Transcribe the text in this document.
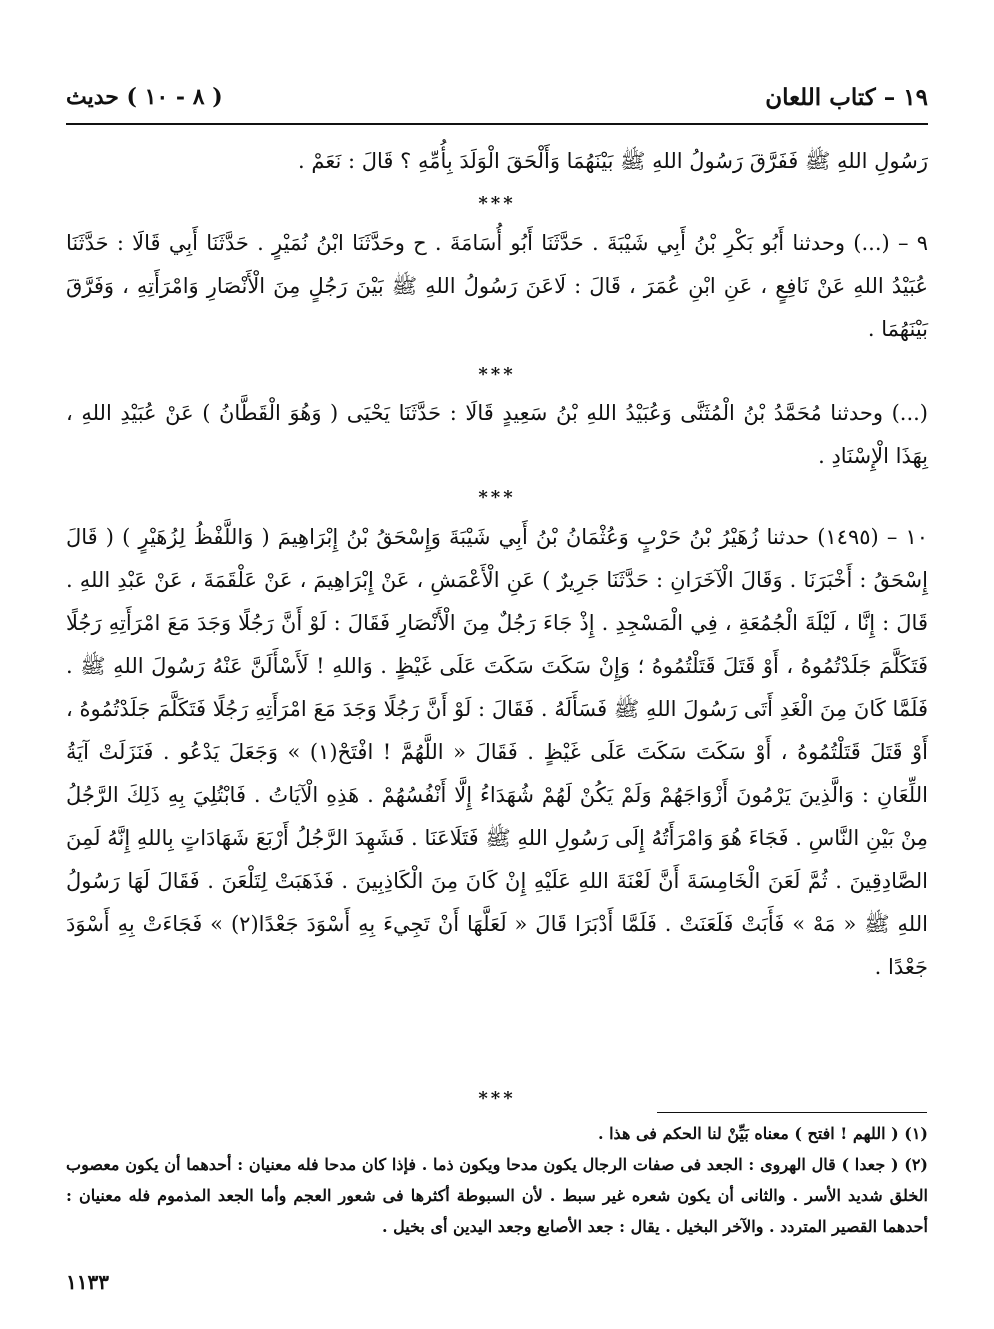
١٩ – كتاب اللعان
( ٨ - ١٠ ) حديث

رَسُولِ اللهِ ﷺ فَفَرَّقَ رَسُولُ اللهِ ﷺ بَيْنَهُمَا وَأَلْحَقَ الْوَلَدَ بِأُمِّهِ ؟ قَالَ : نَعَمْ .

***

٩ – (...) وحدثنا أَبُو بَكْرِ بْنُ أَبِي شَيْبَةَ . حَدَّثَنَا أَبُو أُسَامَةَ . ح وحَدَّثَنَا ابْنُ نُمَيْرٍ . حَدَّثَنَا أَبِي قَالَا : حَدَّثَنَا عُبَيْدُ اللهِ عَنْ نَافِعٍ ، عَنِ ابْنِ عُمَرَ ، قَالَ : لَاعَنَ رَسُولُ اللهِ ﷺ بَيْنَ رَجُلٍ مِنَ الْأَنْصَارِ وَامْرَأَتِهِ ، وَفَرَّقَ بَيْنَهُمَا .

***

(...) وحدثنا مُحَمَّدُ بْنُ الْمُثَنَّى وَعُبَيْدُ اللهِ بْنُ سَعِيدٍ قَالَا : حَدَّثَنَا يَحْيَى ( وَهُوَ الْقَطَّانُ ) عَنْ عُبَيْدِ اللهِ ، بِهَذَا الْإِسْنَادِ .

***

١٠ – (١٤٩٥) حدثنا زُهَيْرُ بْنُ حَرْبٍ وَعُثْمَانُ بْنُ أَبِي شَيْبَةَ وَإِسْحَقُ بْنُ إِبْرَاهِيمَ ( وَاللَّفْظُ لِزُهَيْرٍ ) ( قَالَ إِسْحَقُ : أَخْبَرَنَا . وَقَالَ الْآخَرَانِ : حَدَّثَنَا جَرِيرٌ ) عَنِ الْأَعْمَشِ ، عَنْ إِبْرَاهِيمَ ، عَنْ عَلْقَمَةَ ، عَنْ عَبْدِ اللهِ . قَالَ : إِنَّا ، لَيْلَةَ الْجُمُعَةِ ، فِي الْمَسْجِدِ . إِذْ جَاءَ رَجُلٌ مِنَ الْأَنْصَارِ فَقَالَ : لَوْ أَنَّ رَجُلًا وَجَدَ مَعَ امْرَأَتِهِ رَجُلًا فَتَكَلَّمَ جَلَدْتُمُوهُ ، أَوْ قَتَلَ قَتَلْتُمُوهُ ؛ وَإِنْ سَكَتَ سَكَتَ عَلَى غَيْظٍ . وَاللهِ ! لَأَسْأَلَنَّ عَنْهُ رَسُولَ اللهِ ﷺ . فَلَمَّا كَانَ مِنَ الْغَدِ أَتَى رَسُولَ اللهِ ﷺ فَسَأَلَهُ . فَقَالَ : لَوْ أَنَّ رَجُلًا وَجَدَ مَعَ امْرَأَتِهِ رَجُلًا فَتَكَلَّمَ جَلَدْتُمُوهُ ، أَوْ قَتَلَ قَتَلْتُمُوهُ ، أَوْ سَكَتَ سَكَتَ عَلَى غَيْظٍ . فَقَالَ « اللَّهُمَّ ! افْتَحْ(١) » وَجَعَلَ يَدْعُو . فَنَزَلَتْ آيَةُ اللِّعَانِ : وَالَّذِينَ يَرْمُونَ أَزْوَاجَهُمْ وَلَمْ يَكُنْ لَهُمْ شُهَدَاءُ إِلَّا أَنْفُسُهُمْ . هَذِهِ الْآيَاتُ . فَابْتُلِيَ بِهِ ذَلِكَ الرَّجُلُ مِنْ بَيْنِ النَّاسِ . فَجَاءَ هُوَ وَامْرَأَتُهُ إِلَى رَسُولِ اللهِ ﷺ فَتَلَاعَنَا . فَشَهِدَ الرَّجُلُ أَرْبَعَ شَهَادَاتٍ بِاللهِ إِنَّهُ لَمِنَ الصَّادِقِينَ . ثُمَّ لَعَنَ الْخَامِسَةَ أَنَّ لَعْنَةَ اللهِ عَلَيْهِ إِنْ كَانَ مِنَ الْكَاذِبِينَ . فَذَهَبَتْ لِتَلْعَنَ . فَقَالَ لَهَا رَسُولُ اللهِ ﷺ « مَهْ » فَأَبَتْ فَلَعَنَتْ . فَلَمَّا أَدْبَرَا قَالَ « لَعَلَّهَا أَنْ تَجِيءَ بِهِ أَسْوَدَ جَعْدًا(٢) » فَجَاءَتْ بِهِ أَسْوَدَ جَعْدًا .

***
(١) ( اللهم ! افتح ) معناه بَيِّنْ لنا الحكم فى هذا .
(٢) ( جعدا ) قال الهروى : الجعد فى صفات الرجال يكون مدحا ويكون ذما . فإذا كان مدحا فله معنيان : أحدهما أن يكون معصوب الخلق شديد الأسر . والثانى أن يكون شعره غير سبط . لأن السبوطة أكثرها فى شعور العجم وأما الجعد المذموم فله معنيان : أحدهما القصير المتردد . والآخر البخيل . يقال : جعد الأصابع وجعد اليدين أى بخيل .
١١٣٣
